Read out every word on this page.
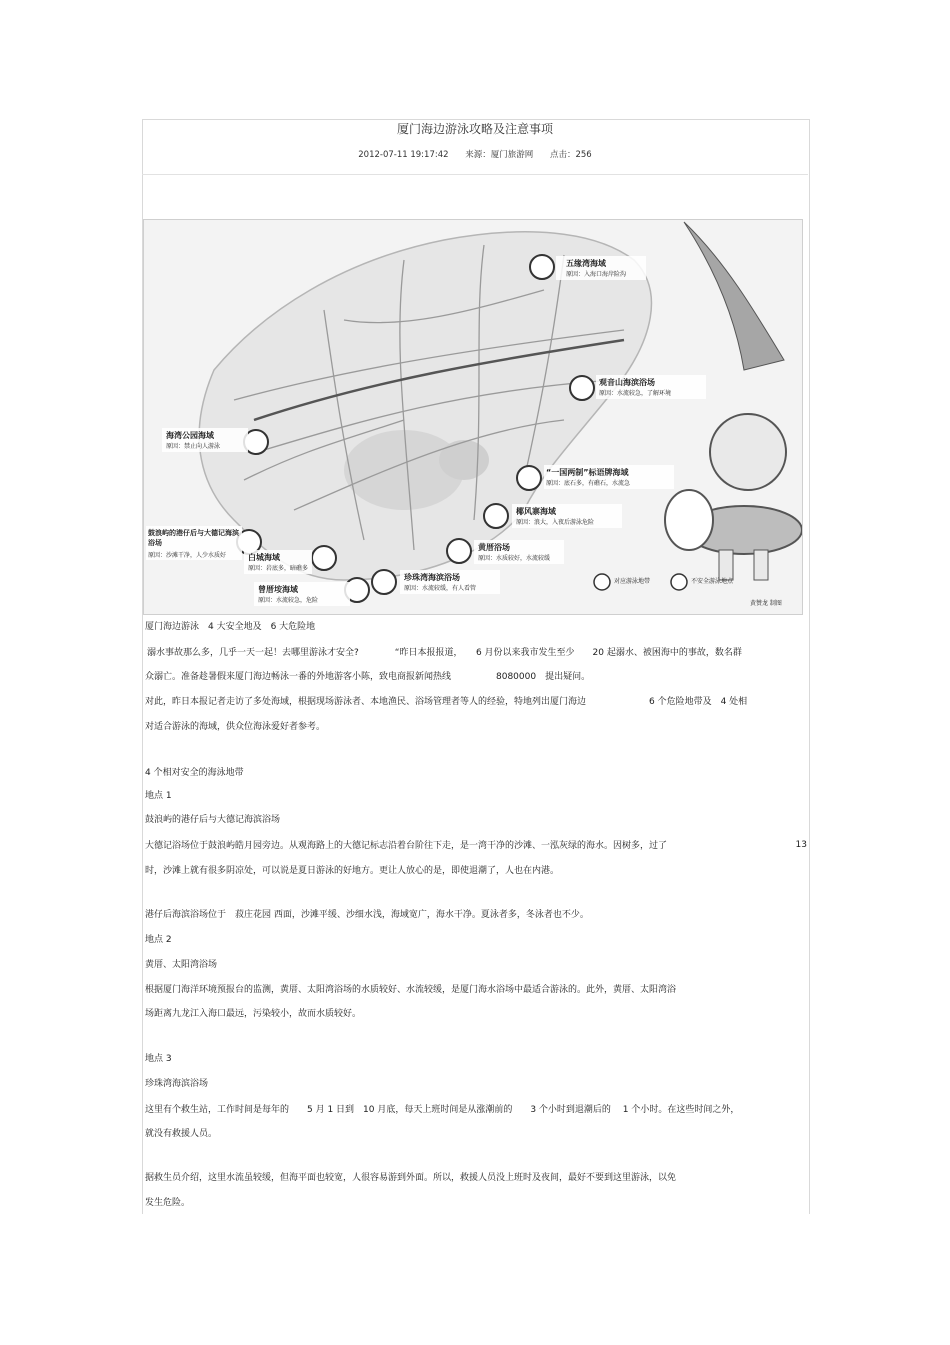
厦门海边游泳攻略及注意事项
2012-07-11 19:17:42 来源：厦门旅游网 点击：256
五缘湾海域
原因：入海口海岸险沟
观音山海滨浴场
原因：水流较急，了解环境
海湾公园海域
原因：禁止向人游泳
“一国两制”标语牌海域
原因：底石多，有礁石，水流急
椰风寨海域
原因：浪大，入夜后游泳危险
黄厝浴场
原因：水质较好，水流较缓
鼓浪屿的港仔后与大德记海滨浴场
原因：沙滩干净，人少水质好	白城海域
原因：岩底多，暗礁多
珍珠湾海滨浴场
原因：水流较缓，有人看管
曾厝垵海域
原因：水流较急，危险
对应游泳地带	不安全游泳地点
黄赞龙 制图
厦门海边游泳　4 大安全地及　6 大危险地
溺水事故那么多，几乎一天一起！去哪里游泳才安全?　　　　“昨日本报报道，　　6 月份以来我市发生至少　　20 起溺水、被困海中的事故，数名群
众溺亡。准备趁暑假来厦门海边畅泳一番的外地游客小陈，致电商报新闻热线　　　　　8080000　提出疑问。
对此，昨日本报记者走访了多处海域，根据现场游泳者、本地渔民、浴场管理者等人的经验，特地列出厦门海边　　　　　　　6 个危险地带及　4 处相
对适合游泳的海域，供众位海泳爱好者参考。
4 个相对安全的海泳地带
地点 1
鼓浪屿的港仔后与大德记海滨浴场
大德记浴场位于鼓浪屿皓月园旁边。从观海路上的大德记标志沿着台阶往下走，是一湾干净的沙滩、一泓灰绿的海水。因树多，过了	13
时，沙滩上就有很多阴凉处，可以说是夏日游泳的好地方。更让人放心的是，即使退潮了，人也在内港。
港仔后海滨浴场位于　菽庄花园 西面，沙滩平缓、沙细水浅，海域宽广，海水干净。夏泳者多，冬泳者也不少。
地点 2
黄厝、太阳湾浴场
根据厦门海洋环境预报台的监测，黄厝、太阳湾浴场的水质较好、水流较缓，是厦门海水浴场中最适合游泳的。此外，黄厝、太阳湾浴
场距离九龙江入海口最远，污染较小，故而水质较好。
地点 3
珍珠湾海滨浴场
这里有个救生站，工作时间是每年的　　5 月 1 日到　10 月底，每天上班时间是从涨潮前的　　3 个小时到退潮后的　 1 个小时。在这些时间之外，
就没有救援人员。
据救生员介绍，这里水流虽较缓，但海平面也较宽，人很容易游到外面。所以，救援人员没上班时及夜间，最好不要到这里游泳，以免
发生危险。
